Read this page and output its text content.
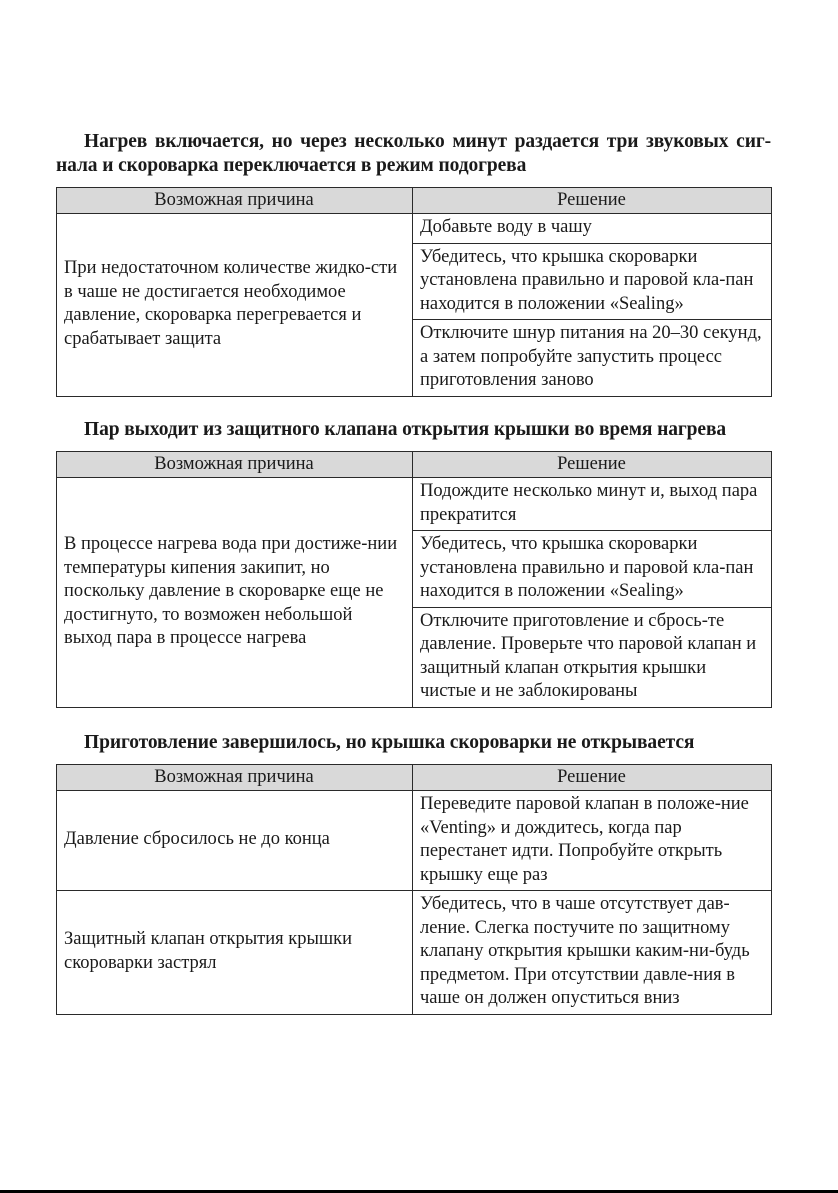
Нагрев включается, но через несколько минут раздается три звуковых сиг-нала и скороварка переключается в режим подогрева

Возможная причина	Решение
При недостаточном количестве жидко-сти в чаше не достигается необходимое давление, скороварка перегревается и срабатывает защита	Добавьте воду в чашу
	Убедитесь, что крышка скороварки установлена правильно и паровой кла-пан находится в положении «Sealing»
	Отключите шнур питания на 20–30 секунд, а затем попробуйте запустить процесс приготовления заново

Пар выходит из защитного клапана открытия крышки во время нагрева

Возможная причина	Решение
В процессе нагрева вода при достиже-нии температуры кипения закипит, но поскольку давление в скороварке еще не достигнуто, то возможен небольшой выход пара в процессе нагрева	Подождите несколько минут и, выход пара прекратится
	Убедитесь, что крышка скороварки установлена правильно и паровой кла-пан находится в положении «Sealing»
	Отключите приготовление и сбрось-те давление. Проверьте что паровой клапан и защитный клапан открытия крышки чистые и не заблокированы

Приготовление завершилось, но крышка скороварки не открывается

Возможная причина	Решение
Давление сбросилось не до конца	Переведите паровой клапан в положе-ние «Venting» и дождитесь, когда пар перестанет идти. Попробуйте открыть крышку еще раз
Защитный клапан открытия крышки скороварки застрял	Убедитесь, что в чаше отсутствует дав-ление. Слегка постучите по защитному клапану открытия крышки каким-ни-будь предметом. При отсутствии давле-ния в чаше он должен опуститься вниз
